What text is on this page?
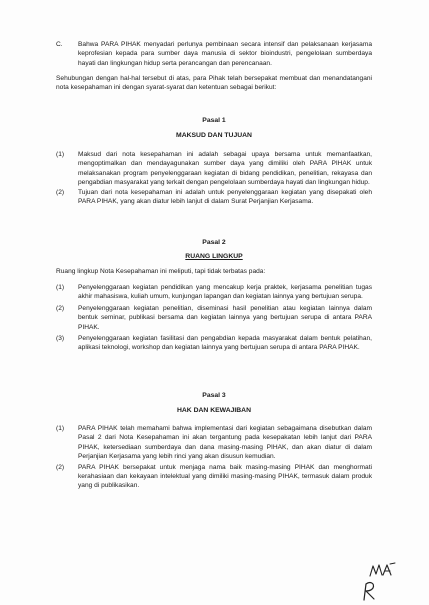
C.	Bahwa PARA PIHAK menyadari perlunya pembinaan secara intensif dan pelaksanaan kerjasama keprofesian kepada para sumber daya manusia di sektor bioindustri, pengelolaan sumberdaya hayati dan lingkungan hidup serta perancangan dan perencanaan.
Sehubungan dengan hal-hal tersebut di atas, para Pihak telah bersepakat membuat dan menandatangani nota kesepahaman ini dengan syarat-syarat dan ketentuan sebagai berikut:
Pasal 1
MAKSUD DAN TUJUAN
(1)	Maksud dari nota kesepahaman ini adalah sebagai upaya bersama untuk memanfaatkan, mengoptimalkan dan mendayagunakan sumber daya yang dimiliki oleh PARA PIHAK untuk melaksanakan program penyelenggaraan kegiatan di bidang pendidikan, penelitian, rekayasa dan pengabdian masyarakat yang terkait dengan pengelolaan sumberdaya hayati dan lingkungan hidup.
(2)	Tujuan dari nota kesepahaman ini adalah untuk penyelenggaraan kegiatan yang disepakati oleh PARA PIHAK, yang akan diatur lebih lanjut di dalam Surat Perjanjian Kerjasama.
Pasal 2
RUANG LINGKUP
Ruang lingkup Nota Kesepahaman ini meliputi, tapi tidak terbatas pada:
(1)	Penyelenggaraan kegiatan pendidikan yang mencakup kerja praktek, kerjasama penelitian tugas akhir mahasiswa, kuliah umum, kunjungan lapangan dan kegiatan lainnya yang bertujuan serupa.
(2)	Penyelenggaraan kegiatan penelitian, diseminasi hasil penelitian atau kegiatan lainnya dalam bentuk seminar, publikasi bersama dan kegiatan lainnya yang bertujuan serupa di antara PARA PIHAK.
(3)	Penyelenggaraan kegiatan fasilitasi dan pengabdian kepada masyarakat dalam bentuk pelatihan, aplikasi teknologi, workshop dan kegiatan lainnya yang bertujuan serupa di antara PARA PIHAK.
Pasal 3
HAK DAN KEWAJIBAN
(1)	PARA PIHAK telah memahami bahwa implementasi dari kegiatan sebagaimana disebutkan dalam Pasal 2 dari Nota Kesepahaman ini akan tergantung pada kesepakatan lebih lanjut dari PARA PIHAK, ketersediaan sumberdaya dan dana masing-masing PIHAK, dan akan diatur di dalam Perjanjian Kerjasama yang lebih rinci yang akan disusun kemudian.
(2)	PARA PIHAK bersepakat untuk menjaga nama baik masing-masing PIHAK dan menghormati kerahasiaan dan kekayaan intelektual yang dimiliki masing-masing PIHAK, termasuk dalam produk yang di publikasikan.
